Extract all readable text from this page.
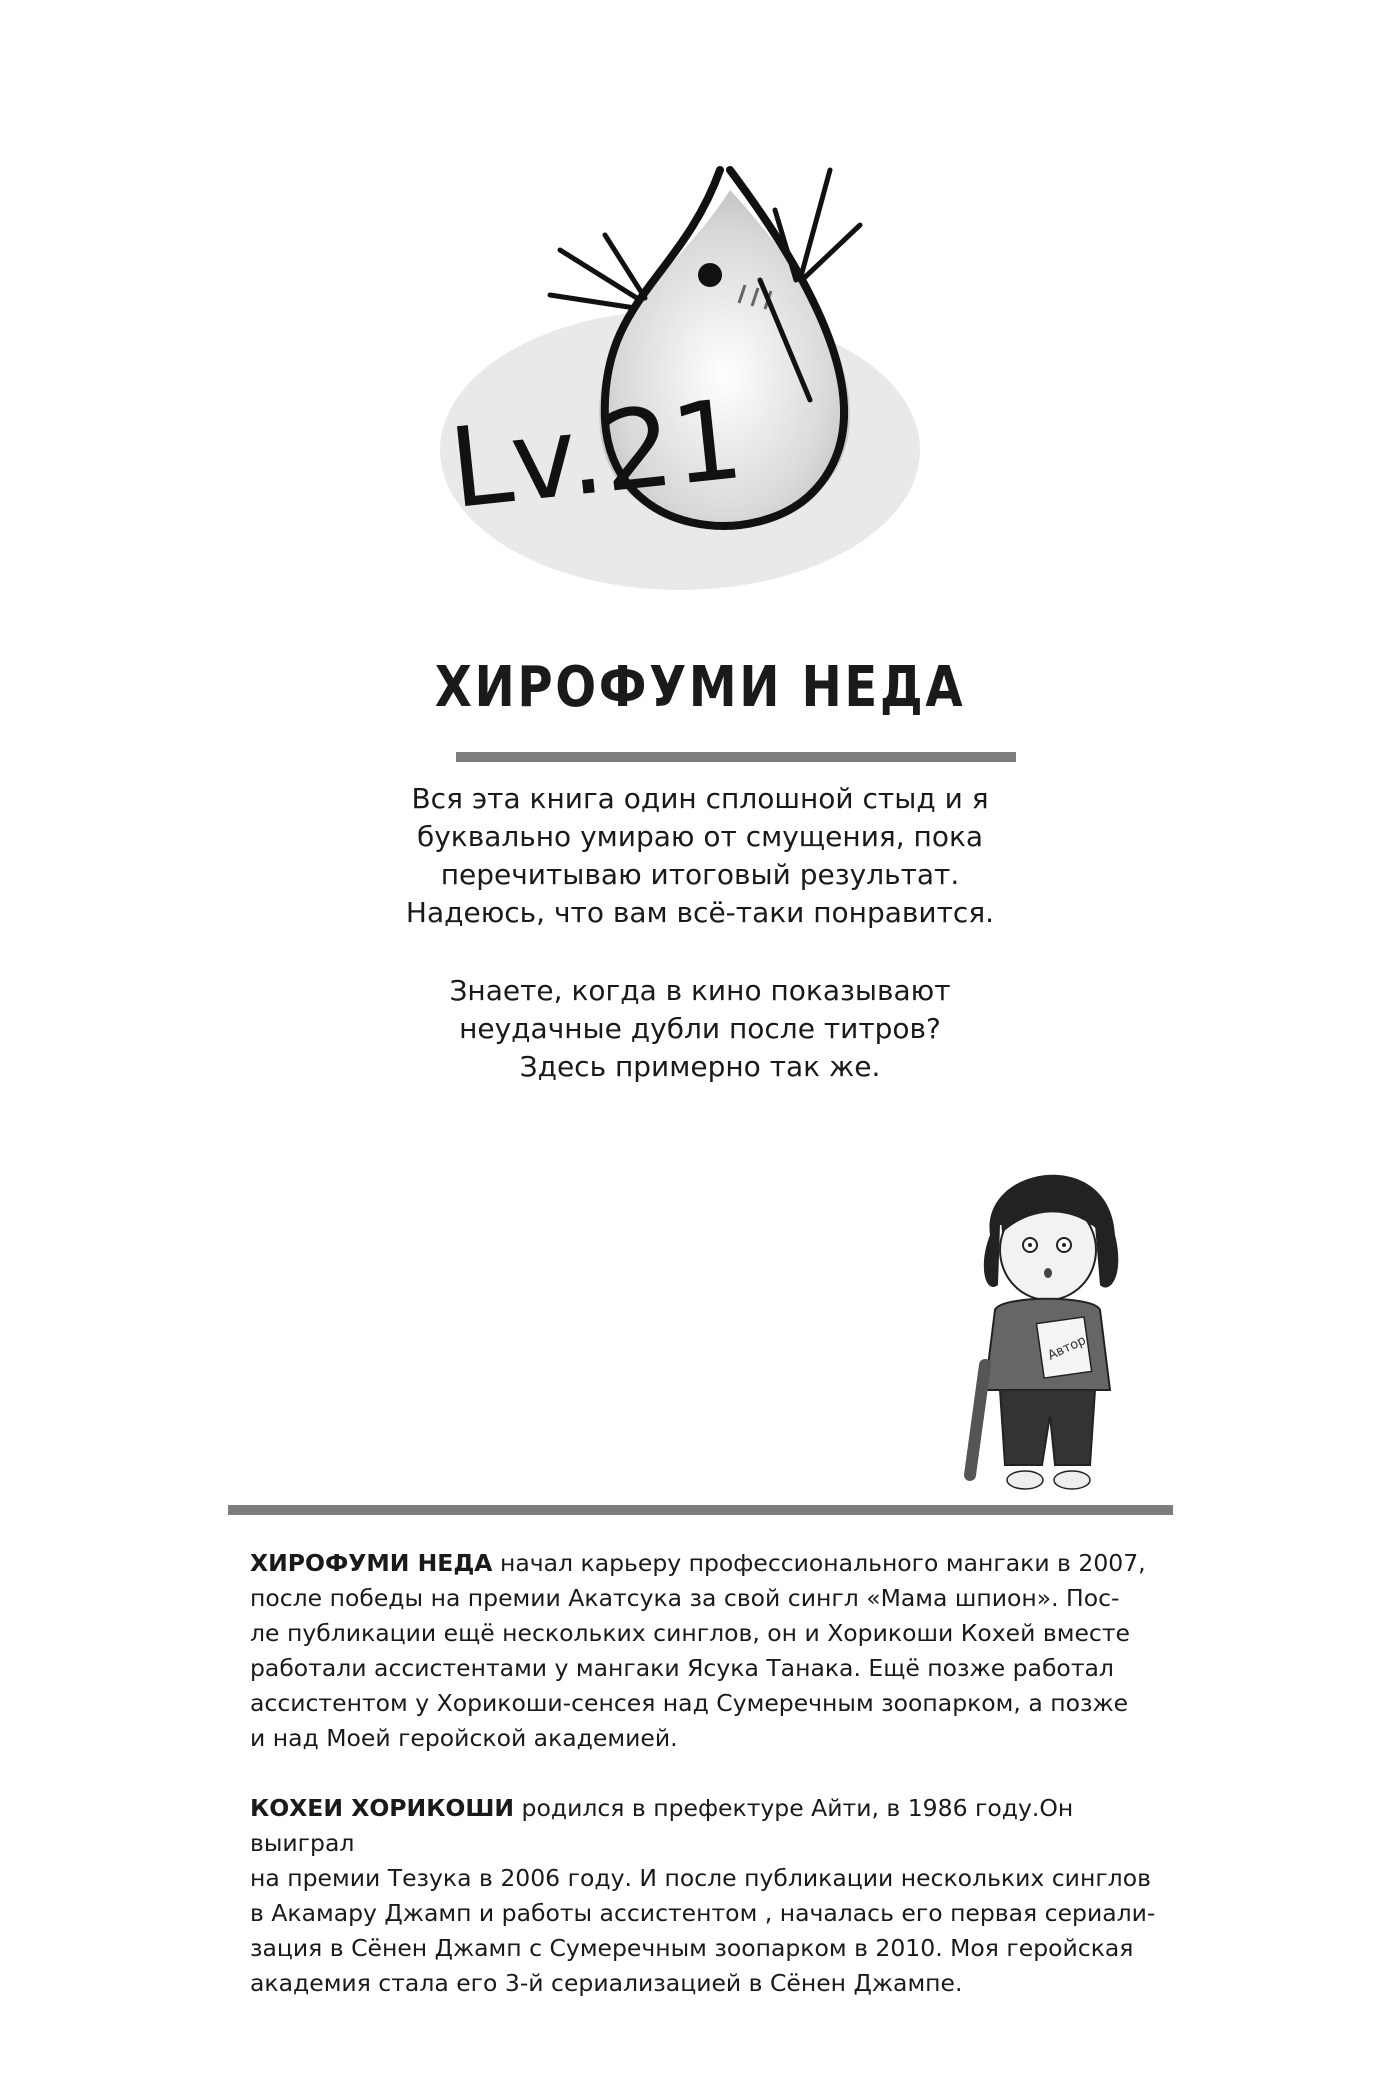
Lv.21
ХИРОФУМИ НЕДА

Вся эта книга один сплошной стыд и я
буквально умираю от смущения, пока
перечитываю итоговый результат.
Надеюсь, что вам всё-таки понравится.

Знаете, когда в кино показывают
неудачные дубли после титров?
Здесь примерно так же.

Автор

ХИРОФУМИ НЕДА начал карьеру профессионального мангаки в 2007,
после победы на премии Акатсука за свой сингл «Мама шпион». Пос-
ле публикации ещё нескольких синглов, он и Хорикоши Кохей вместе
работали ассистентами у мангаки Ясука Танака. Ещё позже работал
ассистентом у Хорикоши-сенсея над Сумеречным зоопарком, а позже
и над Моей геройской академией.

КОХЕИ ХОРИКОШИ родился в префектуре Айти, в 1986 году.Он выиграл
на премии Тезука в 2006 году. И после публикации нескольких синглов
в Акамару Джамп и работы ассистентом , началась его первая сериали-
зация в Сёнен Джамп с Сумеречным зоопарком в 2010. Моя геройская
академия стала его 3-й сериализацией в Сёнен Джампе.
